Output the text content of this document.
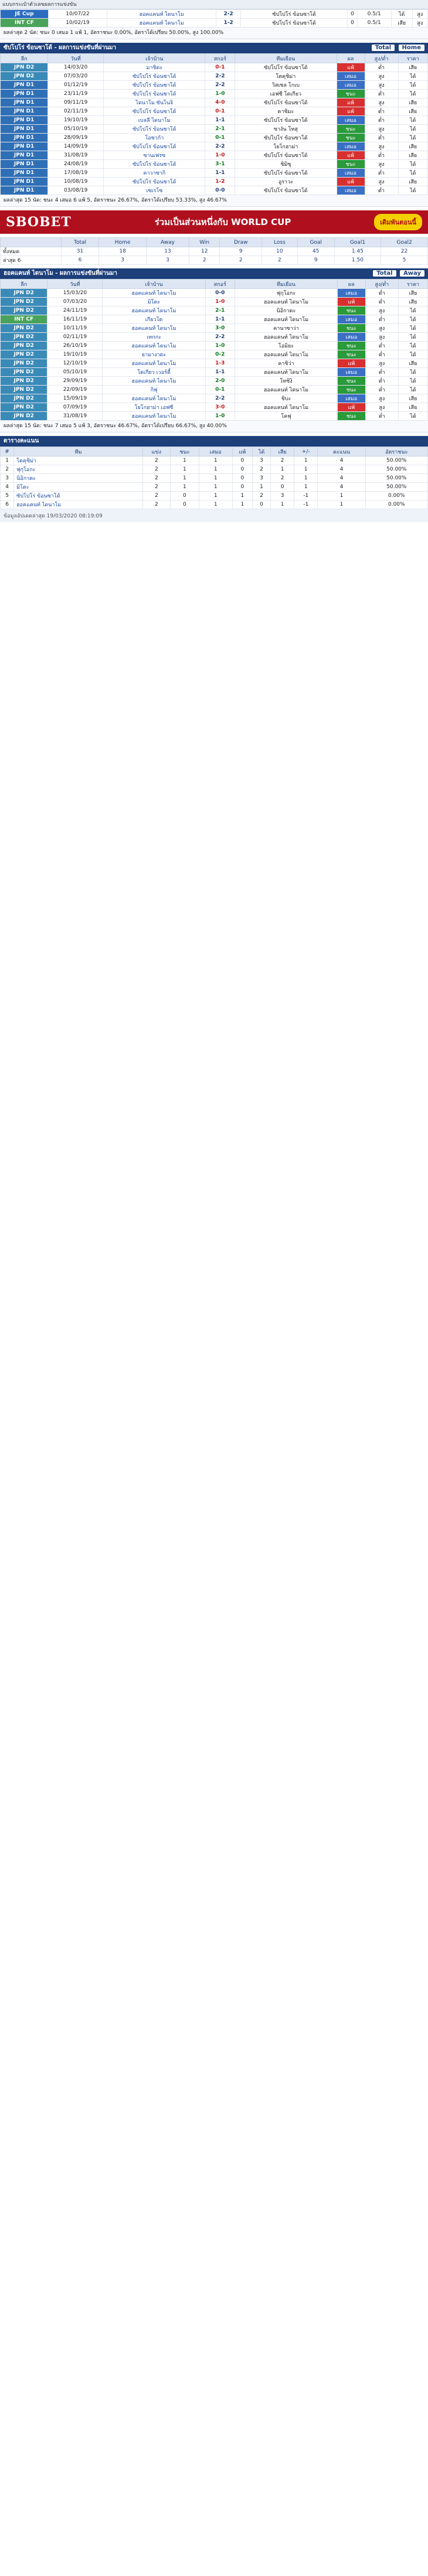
แบบกระเป๋าตัวเลขผลการแข่งขัน
JE Cup	10/07/22	ฮอคแคนท์ ไดนาโม	2-2	ซัปโปโร่ ข้อนซาโด้	0	0.5/1	ได้	สูง
INT CF	10/02/19	ฮอคแคนท์ ไดนาโม	1-2	ซัปโปโร่ ข้อนซาโด้	0	0.5/1	เสีย	สูง
ผลล่าสุด 2 นัด: ชนะ 0 เสมอ 1 แพ้ 1, อัตราชนะ 0.00%, อัตราได้เปรียบ 50.00%, สูง 100.00%
ซัปโปโร่ ข้อนซาโด้ - ผลการแข่งขันที่ผ่านมา	Total Home
ลีก	วันที่	เจ้าบ้าน	สกอร์	ทีมเยือน	ผล	สูง/ต่ำ	ราคา
JPN D2	14/03/20	มาชิดะ	0-1	ซัปโปโร่ ข้อนซาโด้	แพ้	ต่ำ	เสีย
JPN D2	07/03/20	ซัปโปโร่ ข้อนซาโด้	2-2	โตคุชิม่า	เสมอ	สูง	ได้
JPN D1	01/12/19	ซัปโปโร่ ข้อนซาโด้	2-2	วิสเซล โกเบ	เสมอ	สูง	ได้
JPN D1	23/11/19	ซัปโปโร่ ข้อนซาโด้	1-0	เอฟซี โตเกียว	ชนะ	ต่ำ	ได้
JPN D1	09/11/19	ไดนาโม ซันโนจิ	4-0	ซัปโปโร่ ข้อนซาโด้	แพ้	สูง	เสีย
JPN D1	02/11/19	ซัปโปโร่ ข้อนซาโด้	0-1	คาชิมะ	แพ้	ต่ำ	เสีย
JPN D1	19/10/19	เบลลี ไดนาโม	1-1	ซัปโปโร่ ข้อนซาโด้	เสมอ	ต่ำ	ได้
JPN D1	05/10/19	ซัปโปโร่ ข้อนซาโด้	2-1	ซางัน โทสุ	ชนะ	สูง	ได้
JPN D1	28/09/19	โอซาก้า	0-1	ซัปโปโร่ ข้อนซาโด้	ชนะ	ต่ำ	ได้
JPN D1	14/09/19	ซัปโปโร่ ข้อนซาโด้	2-2	โยโกฮาม่า	เสมอ	สูง	เสีย
JPN D1	31/08/19	ซานเฟรซ	1-0	ซัปโปโร่ ข้อนซาโด้	แพ้	ต่ำ	เสีย
JPN D1	24/08/19	ซัปโปโร่ ข้อนซาโด้	3-1	ชิมิซุ	ชนะ	สูง	ได้
JPN D1	17/08/19	คาวาซากิ	1-1	ซัปโปโร่ ข้อนซาโด้	เสมอ	ต่ำ	ได้
JPN D1	10/08/19	ซัปโปโร่ ข้อนซาโด้	1-2	อูราวะ	แพ้	สูง	เสีย
JPN D1	03/08/19	เซเรโซ	0-0	ซัปโปโร่ ข้อนซาโด้	เสมอ	ต่ำ	ได้
ผลล่าสุด 15 นัด: ชนะ 4 เสมอ 6 แพ้ 5, อัตราชนะ 26.67%, อัตราได้เปรียบ 53.33%, สูง 46.67%
SBOBET	ร่วมเป็นส่วนหนึ่งกับ WORLD CUP	เดิมพันตอนนี้
	Total	Home	Away	Win	Draw	Loss	Goal	Goal1	Goal2
ทั้งหมด	31	18	13	12	9	10	45	1.45	22
ล่าสุด 6	6	3	3	2	2	2	9	1.50	5
ฮอคแคนท์ ไดนาโม - ผลการแข่งขันที่ผ่านมา	Total Away
ลีก	วันที่	เจ้าบ้าน	สกอร์	ทีมเยือน	ผล	สูง/ต่ำ	ราคา
JPN D2	15/03/20	ฮอคแคนท์ ไดนาโม	0-0	ฟุกุโอกะ	เสมอ	ต่ำ	เสีย
JPN D2	07/03/20	มิโตะ	1-0	ฮอคแคนท์ ไดนาโม	แพ้	ต่ำ	เสีย
JPN D2	24/11/19	ฮอคแคนท์ ไดนาโม	2-1	นิอิกาตะ	ชนะ	สูง	ได้
INT CF	16/11/19	เกียวโต	1-1	ฮอคแคนท์ ไดนาโม	เสมอ	ต่ำ	ได้
JPN D2	10/11/19	ฮอคแคนท์ ไดนาโม	3-0	คานาซาว่า	ชนะ	สูง	ได้
JPN D2	02/11/19	เทกกะ	2-2	ฮอคแคนท์ ไดนาโม	เสมอ	สูง	ได้
JPN D2	26/10/19	ฮอคแคนท์ ไดนาโม	1-0	โอมิยะ	ชนะ	ต่ำ	ได้
JPN D2	19/10/19	ยามางาตะ	0-2	ฮอคแคนท์ ไดนาโม	ชนะ	ต่ำ	ได้
JPN D2	12/10/19	ฮอคแคนท์ ไดนาโม	1-3	คาชิว่า	แพ้	สูง	เสีย
JPN D2	05/10/19	โตเกียว เวอร์ดี้	1-1	ฮอคแคนท์ ไดนาโม	เสมอ	ต่ำ	ได้
JPN D2	29/09/19	ฮอคแคนท์ ไดนาโม	2-0	โทชิงิ	ชนะ	ต่ำ	ได้
JPN D2	22/09/19	กิฟุ	0-1	ฮอคแคนท์ ไดนาโม	ชนะ	ต่ำ	ได้
JPN D2	15/09/19	ฮอคแคนท์ ไดนาโม	2-2	ชิบะ	เสมอ	สูง	เสีย
JPN D2	07/09/19	โยโกฮาม่า เอฟซี	3-0	ฮอคแคนท์ ไดนาโม	แพ้	สูง	เสีย
JPN D2	31/08/19	ฮอคแคนท์ ไดนาโม	1-0	โคฟุ	ชนะ	ต่ำ	ได้
ผลล่าสุด 15 นัด: ชนะ 7 เสมอ 5 แพ้ 3, อัตราชนะ 46.67%, อัตราได้เปรียบ 66.67%, สูง 40.00%
ตารางคะแนน
#	ทีม	แข่ง	ชนะ	เสมอ	แพ้	ได้	เสีย	+/-	คะแนน	อัตราชนะ
1	โตคุชิม่า	2	1	1	0	3	2	1	4	50.00%
2	ฟุกุโอกะ	2	1	1	0	2	1	1	4	50.00%
3	นิอิกาตะ	2	1	1	0	3	2	1	4	50.00%
4	มิโตะ	2	1	1	0	1	0	1	4	50.00%
5	ซัปโปโร่ ข้อนซาโด้	2	0	1	1	2	3	-1	1	0.00%
6	ฮอคแคนท์ ไดนาโม	2	0	1	1	0	1	-1	1	0.00%
ข้อมูลอัปเดตล่าสุด 19/03/2020 08:19:09
